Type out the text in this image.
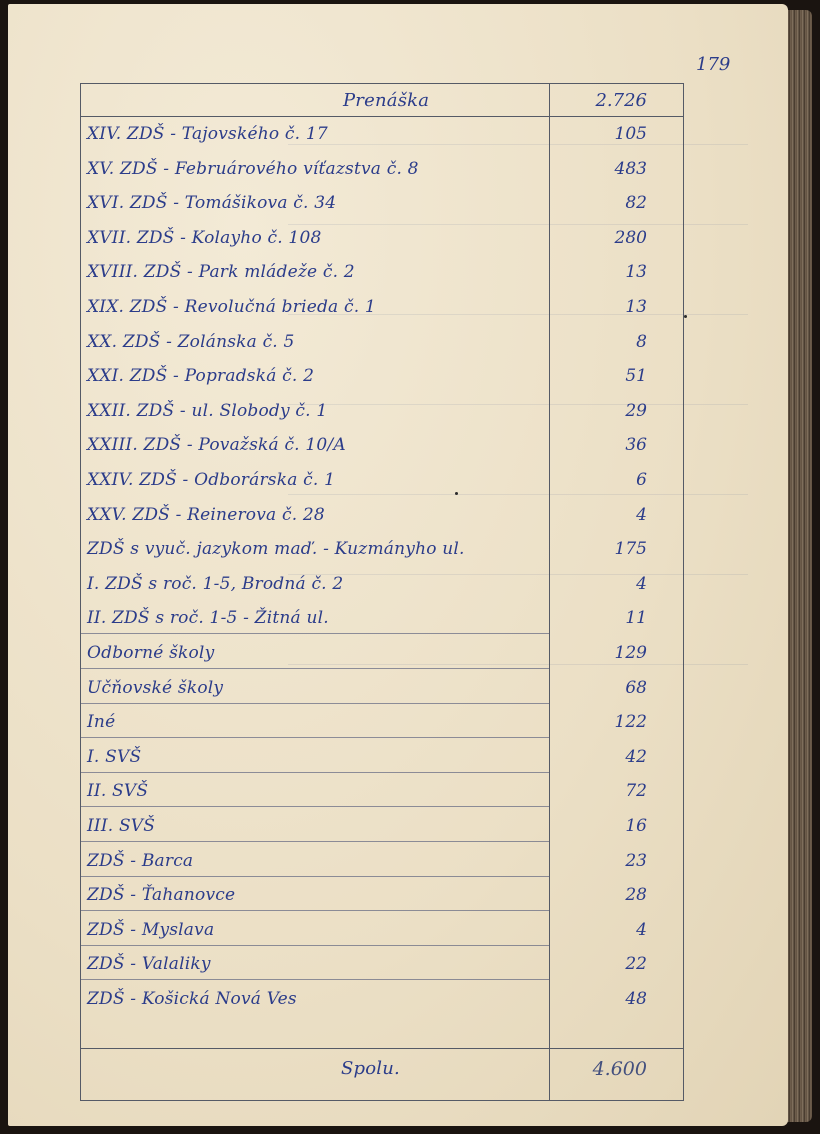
179
Prenáška	2.726
XIV. ZDŠ - Tajovského č. 17	105
XV. ZDŠ - Februárového víťazstva č. 8	483
XVI. ZDŠ - Tomášikova č. 34	82
XVII. ZDŠ - Kolayho č. 108	280
XVIII. ZDŠ - Park mládeže č. 2	13
XIX. ZDŠ - Revolučná brieda č. 1	13
XX. ZDŠ - Zolánska č. 5	8
XXI. ZDŠ - Popradská č. 2	51
XXII. ZDŠ - ul. Slobody č. 1	29
XXIII. ZDŠ - Považská č. 10/A	36
XXIV. ZDŠ - Odborárska č. 1	6
XXV. ZDŠ - Reinerova č. 28	4
ZDŠ s vyuč. jazykom maď. - Kuzmányho ul.	175
I. ZDŠ s roč. 1-5, Brodná č. 2	4
II. ZDŠ s roč. 1-5 - Žitná ul.	11
Odborné školy	129
Učňovské školy	68
Iné	122
I. SVŠ	42
II. SVŠ	72
III. SVŠ	16
ZDŠ - Barca	23
ZDŠ - Ťahanovce	28
ZDŠ - Myslava	4
ZDŠ - Valaliky	22
ZDŠ - Košická Nová Ves	48
Spolu.	4.600
